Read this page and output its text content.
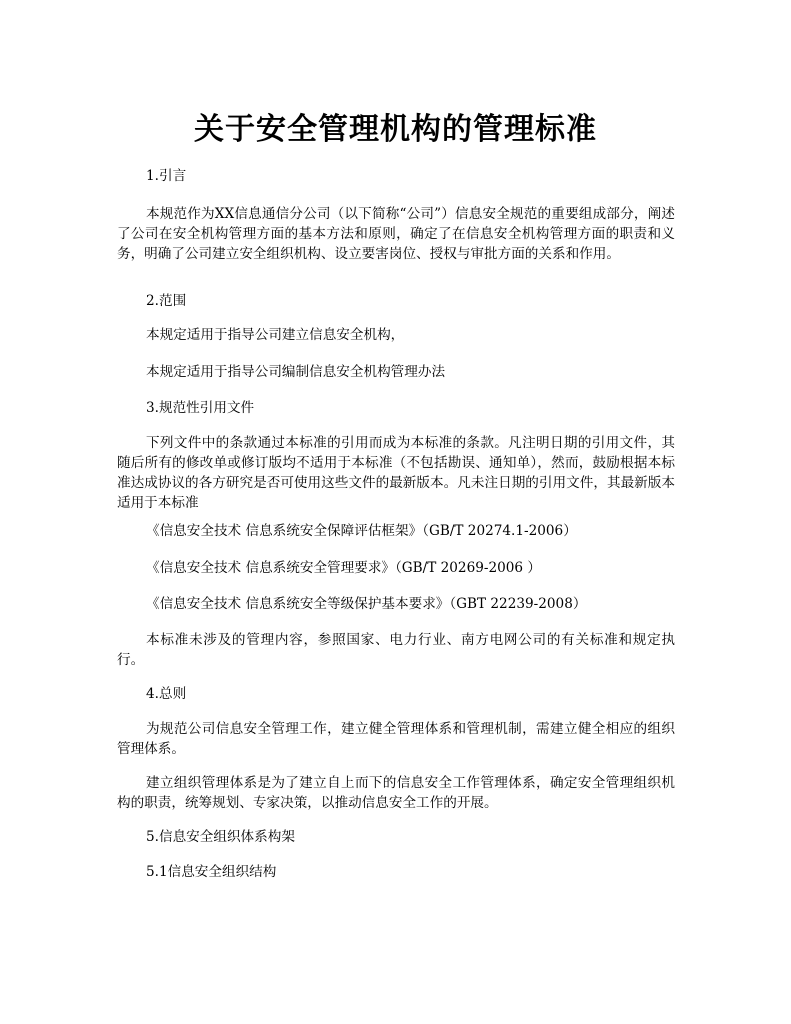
关于安全管理机构的管理标准
1.引言
本规范作为XX信息通信分公司（以下简称“公司”）信息安全规范的重要组成部分，阐述了公司在安全机构管理方面的基本方法和原则，确定了在信息安全机构管理方面的职责和义务，明确了公司建立安全组织机构、设立要害岗位、授权与审批方面的关系和作用。
2.范围
本规定适用于指导公司建立信息安全机构，
本规定适用于指导公司编制信息安全机构管理办法
3.规范性引用文件
下列文件中的条款通过本标准的引用而成为本标准的条款。凡注明日期的引用文件，其随后所有的修改单或修订版均不适用于本标准（不包括勘误、通知单），然而，鼓励根据本标准达成协议的各方研究是否可使用这些文件的最新版本。凡未注日期的引用文件，其最新版本适用于本标准
《信息安全技术 信息系统安全保障评估框架》（GB/T 20274.1-2006）
《信息安全技术 信息系统安全管理要求》（GB/T 20269-2006 ）
《信息安全技术 信息系统安全等级保护基本要求》（GBT 22239-2008）
本标准未涉及的管理内容，参照国家、电力行业、南方电网公司的有关标准和规定执行。
4.总则
为规范公司信息安全管理工作，建立健全管理体系和管理机制，需建立健全相应的组织管理体系。
建立组织管理体系是为了建立自上而下的信息安全工作管理体系，确定安全管理组织机构的职责，统筹规划、专家决策，以推动信息安全工作的开展。
5.信息安全组织体系构架
5.1信息安全组织结构
